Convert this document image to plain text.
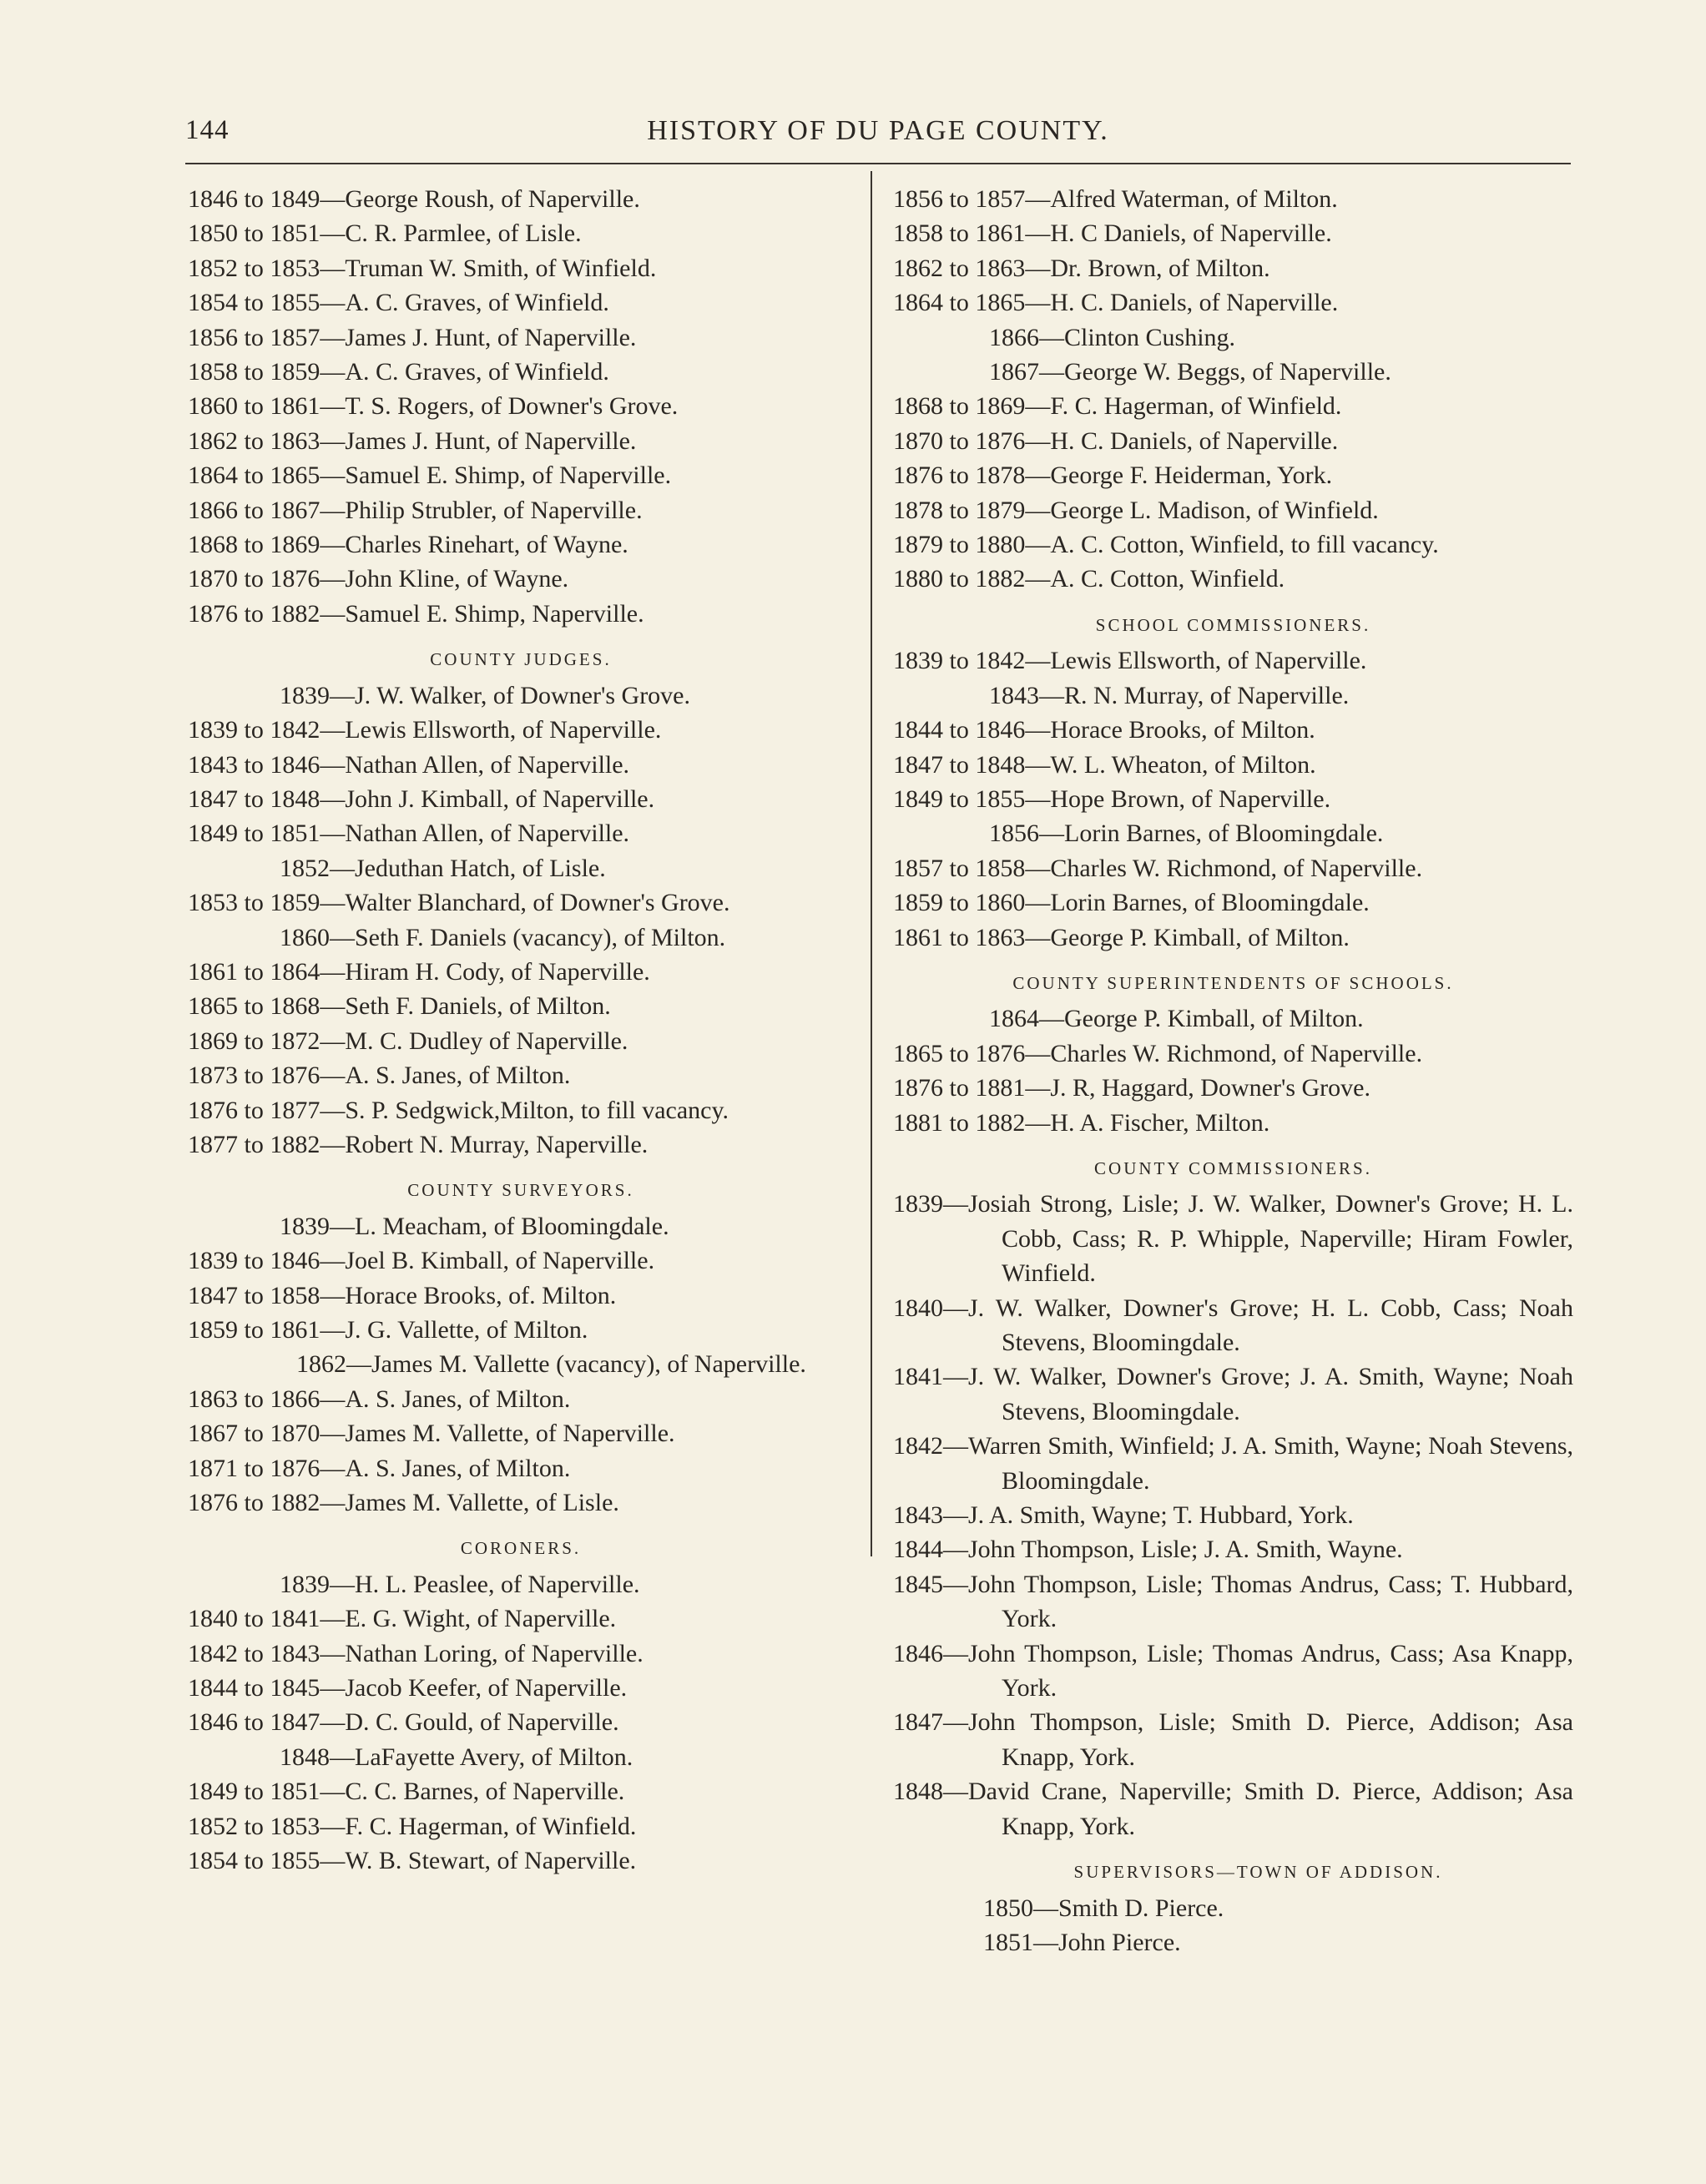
144	HISTORY OF DU PAGE COUNTY.
1846 to 1849—George Roush, of Naperville.
1850 to 1851—C. R. Parmlee, of Lisle.
1852 to 1853—Truman W. Smith, of Winfield.
1854 to 1855—A. C. Graves, of Winfield.
1856 to 1857—James J. Hunt, of Naperville.
1858 to 1859—A. C. Graves, of Winfield.
1860 to 1861—T. S. Rogers, of Downer's Grove.
1862 to 1863—James J. Hunt, of Naperville.
1864 to 1865—Samuel E. Shimp, of Naperville.
1866 to 1867—Philip Strubler, of Naperville.
1868 to 1869—Charles Rinehart, of Wayne.
1870 to 1876—John Kline, of Wayne.
1876 to 1882—Samuel E. Shimp, Naperville.
COUNTY JUDGES.
1839—J. W. Walker, of Downer's Grove.
1839 to 1842—Lewis Ellsworth, of Naperville.
1843 to 1846—Nathan Allen, of Naperville.
1847 to 1848—John J. Kimball, of Naperville.
1849 to 1851—Nathan Allen, of Naperville.
1852—Jeduthan Hatch, of Lisle.
1853 to 1859—Walter Blanchard, of Downer's Grove.
1860—Seth F. Daniels (vacancy), of Milton.
1861 to 1864—Hiram H. Cody, of Naperville.
1865 to 1868—Seth F. Daniels, of Milton.
1869 to 1872—M. C. Dudley of Naperville.
1873 to 1876—A. S. Janes, of Milton.
1876 to 1877—S. P. Sedgwick,Milton, to fill vacancy.
1877 to 1882—Robert N. Murray, Naperville.
COUNTY SURVEYORS.
1839—L. Meacham, of Bloomingdale.
1839 to 1846—Joel B. Kimball, of Naperville.
1847 to 1858—Horace Brooks, of. Milton.
1859 to 1861—J. G. Vallette, of Milton.
1862—James M. Vallette (vacancy), of Naperville.
1863 to 1866—A. S. Janes, of Milton.
1867 to 1870—James M. Vallette, of Naperville.
1871 to 1876—A. S. Janes, of Milton.
1876 to 1882—James M. Vallette, of Lisle.
CORONERS.
1839—H. L. Peaslee, of Naperville.
1840 to 1841—E. G. Wight, of Naperville.
1842 to 1843—Nathan Loring, of Naperville.
1844 to 1845—Jacob Keefer, of Naperville.
1846 to 1847—D. C. Gould, of Naperville.
1848—LaFayette Avery, of Milton.
1849 to 1851—C. C. Barnes, of Naperville.
1852 to 1853—F. C. Hagerman, of Winfield.
1854 to 1855—W. B. Stewart, of Naperville.
1856 to 1857—Alfred Waterman, of Milton.
1858 to 1861—H. C Daniels, of Naperville.
1862 to 1863—Dr. Brown, of Milton.
1864 to 1865—H. C. Daniels, of Naperville.
1866—Clinton Cushing.
1867—George W. Beggs, of Naperville.
1868 to 1869—F. C. Hagerman, of Winfield.
1870 to 1876—H. C. Daniels, of Naperville.
1876 to 1878—George F. Heiderman, York.
1878 to 1879—George L. Madison, of Winfield.
1879 to 1880—A. C. Cotton, Winfield, to fill vacancy.
1880 to 1882—A. C. Cotton, Winfield.
SCHOOL COMMISSIONERS.
1839 to 1842—Lewis Ellsworth, of Naperville.
1843—R. N. Murray, of Naperville.
1844 to 1846—Horace Brooks, of Milton.
1847 to 1848—W. L. Wheaton, of Milton.
1849 to 1855—Hope Brown, of Naperville.
1856—Lorin Barnes, of Bloomingdale.
1857 to 1858—Charles W. Richmond, of Naperville.
1859 to 1860—Lorin Barnes, of Bloomingdale.
1861 to 1863—George P. Kimball, of Milton.
COUNTY SUPERINTENDENTS OF SCHOOLS.
1864—George P. Kimball, of Milton.
1865 to 1876—Charles W. Richmond, of Naperville.
1876 to 1881—J. R, Haggard, Downer's Grove.
1881 to 1882—H. A. Fischer, Milton.
COUNTY COMMISSIONERS.
1839—Josiah Strong, Lisle; J. W. Walker, Downer's Grove; H. L. Cobb, Cass; R. P. Whipple, Naperville; Hiram Fowler, Winfield.
1840—J. W. Walker, Downer's Grove; H. L. Cobb, Cass; Noah Stevens, Bloomingdale.
1841—J. W. Walker, Downer's Grove; J. A. Smith, Wayne; Noah Stevens, Bloomingdale.
1842—Warren Smith, Winfield; J. A. Smith, Wayne; Noah Stevens, Bloomingdale.
1843—J. A. Smith, Wayne; T. Hubbard, York.
1844—John Thompson, Lisle; J. A. Smith, Wayne.
1845—John Thompson, Lisle; Thomas Andrus, Cass; T. Hubbard, York.
1846—John Thompson, Lisle; Thomas Andrus, Cass; Asa Knapp, York.
1847—John Thompson, Lisle; Smith D. Pierce, Addison; Asa Knapp, York.
1848—David Crane, Naperville; Smith D. Pierce, Addison; Asa Knapp, York.
SUPERVISORS—TOWN OF ADDISON.
1850—Smith D. Pierce.
1851—John Pierce.
